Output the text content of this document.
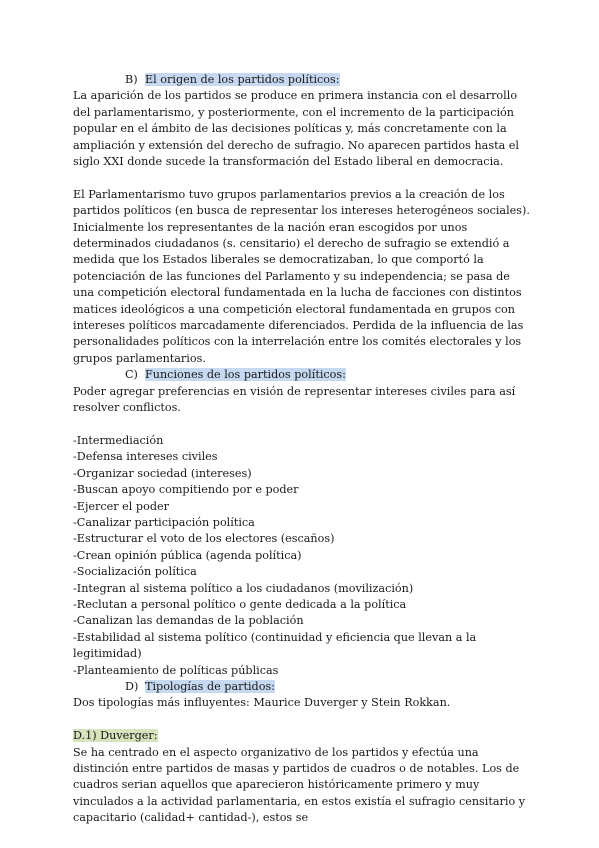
B) El origen de los partidos políticos:

La aparición de los partidos se produce en primera instancia con el desarrollo del parlamentarismo, y posteriormente, con el incremento de la participación popular en el ámbito de las decisiones políticas y, más concretamente con la ampliación y extensión del derecho de sufragio. No aparecen partidos hasta el siglo XXI donde sucede la transformación del Estado liberal en democracia.

El Parlamentarismo tuvo grupos parlamentarios previos a la creación de los partidos políticos (en busca de representar los intereses heterogéneos sociales). Inicialmente los representantes de la nación eran escogidos por unos determinados ciudadanos (s. censitario) el derecho de sufragio se extendió a medida que los Estados liberales se democratizaban, lo que comportó la potenciación de las funciones del Parlamento y su independencia; se pasa de una competición electoral fundamentada en la lucha de facciones con distintos matices ideológicos a una competición electoral fundamentada en grupos con intereses políticos marcadamente diferenciados. Perdida de la influencia de las personalidades políticos con la interrelación entre los comités electorales y los grupos parlamentarios.

C) Funciones de los partidos políticos:

Poder agregar preferencias en visión de representar intereses civiles para así resolver conflictos.

-Intermediación
-Defensa intereses civiles
-Organizar sociedad (intereses)
-Buscan apoyo compitiendo por e poder
-Ejercer el poder
-Canalizar participación política
-Estructurar el voto de los electores (escaños)
-Crean opinión pública (agenda política)
-Socialización política
-Integran al sistema político a los ciudadanos (movilización)
-Reclutan a personal político o gente dedicada a la política
-Canalizan las demandas de la población
-Estabilidad al sistema político (continuidad y eficiencia que llevan a la legitimidad)
-Planteamiento de políticas públicas
D) Tipologías de partidos:

Dos tipologías más influyentes: Maurice Duverger y Stein Rokkan.

D.1) Duverger:

Se ha centrado en el aspecto organizativo de los partidos y efectúa una distinción entre partidos de masas y partidos de cuadros o de notables. Los de cuadros serian aquellos que aparecieron históricamente primero y muy vinculados a la actividad parlamentaria, en estos existía el sufragio censitario y capacitario (calidad+ cantidad-), estos se
